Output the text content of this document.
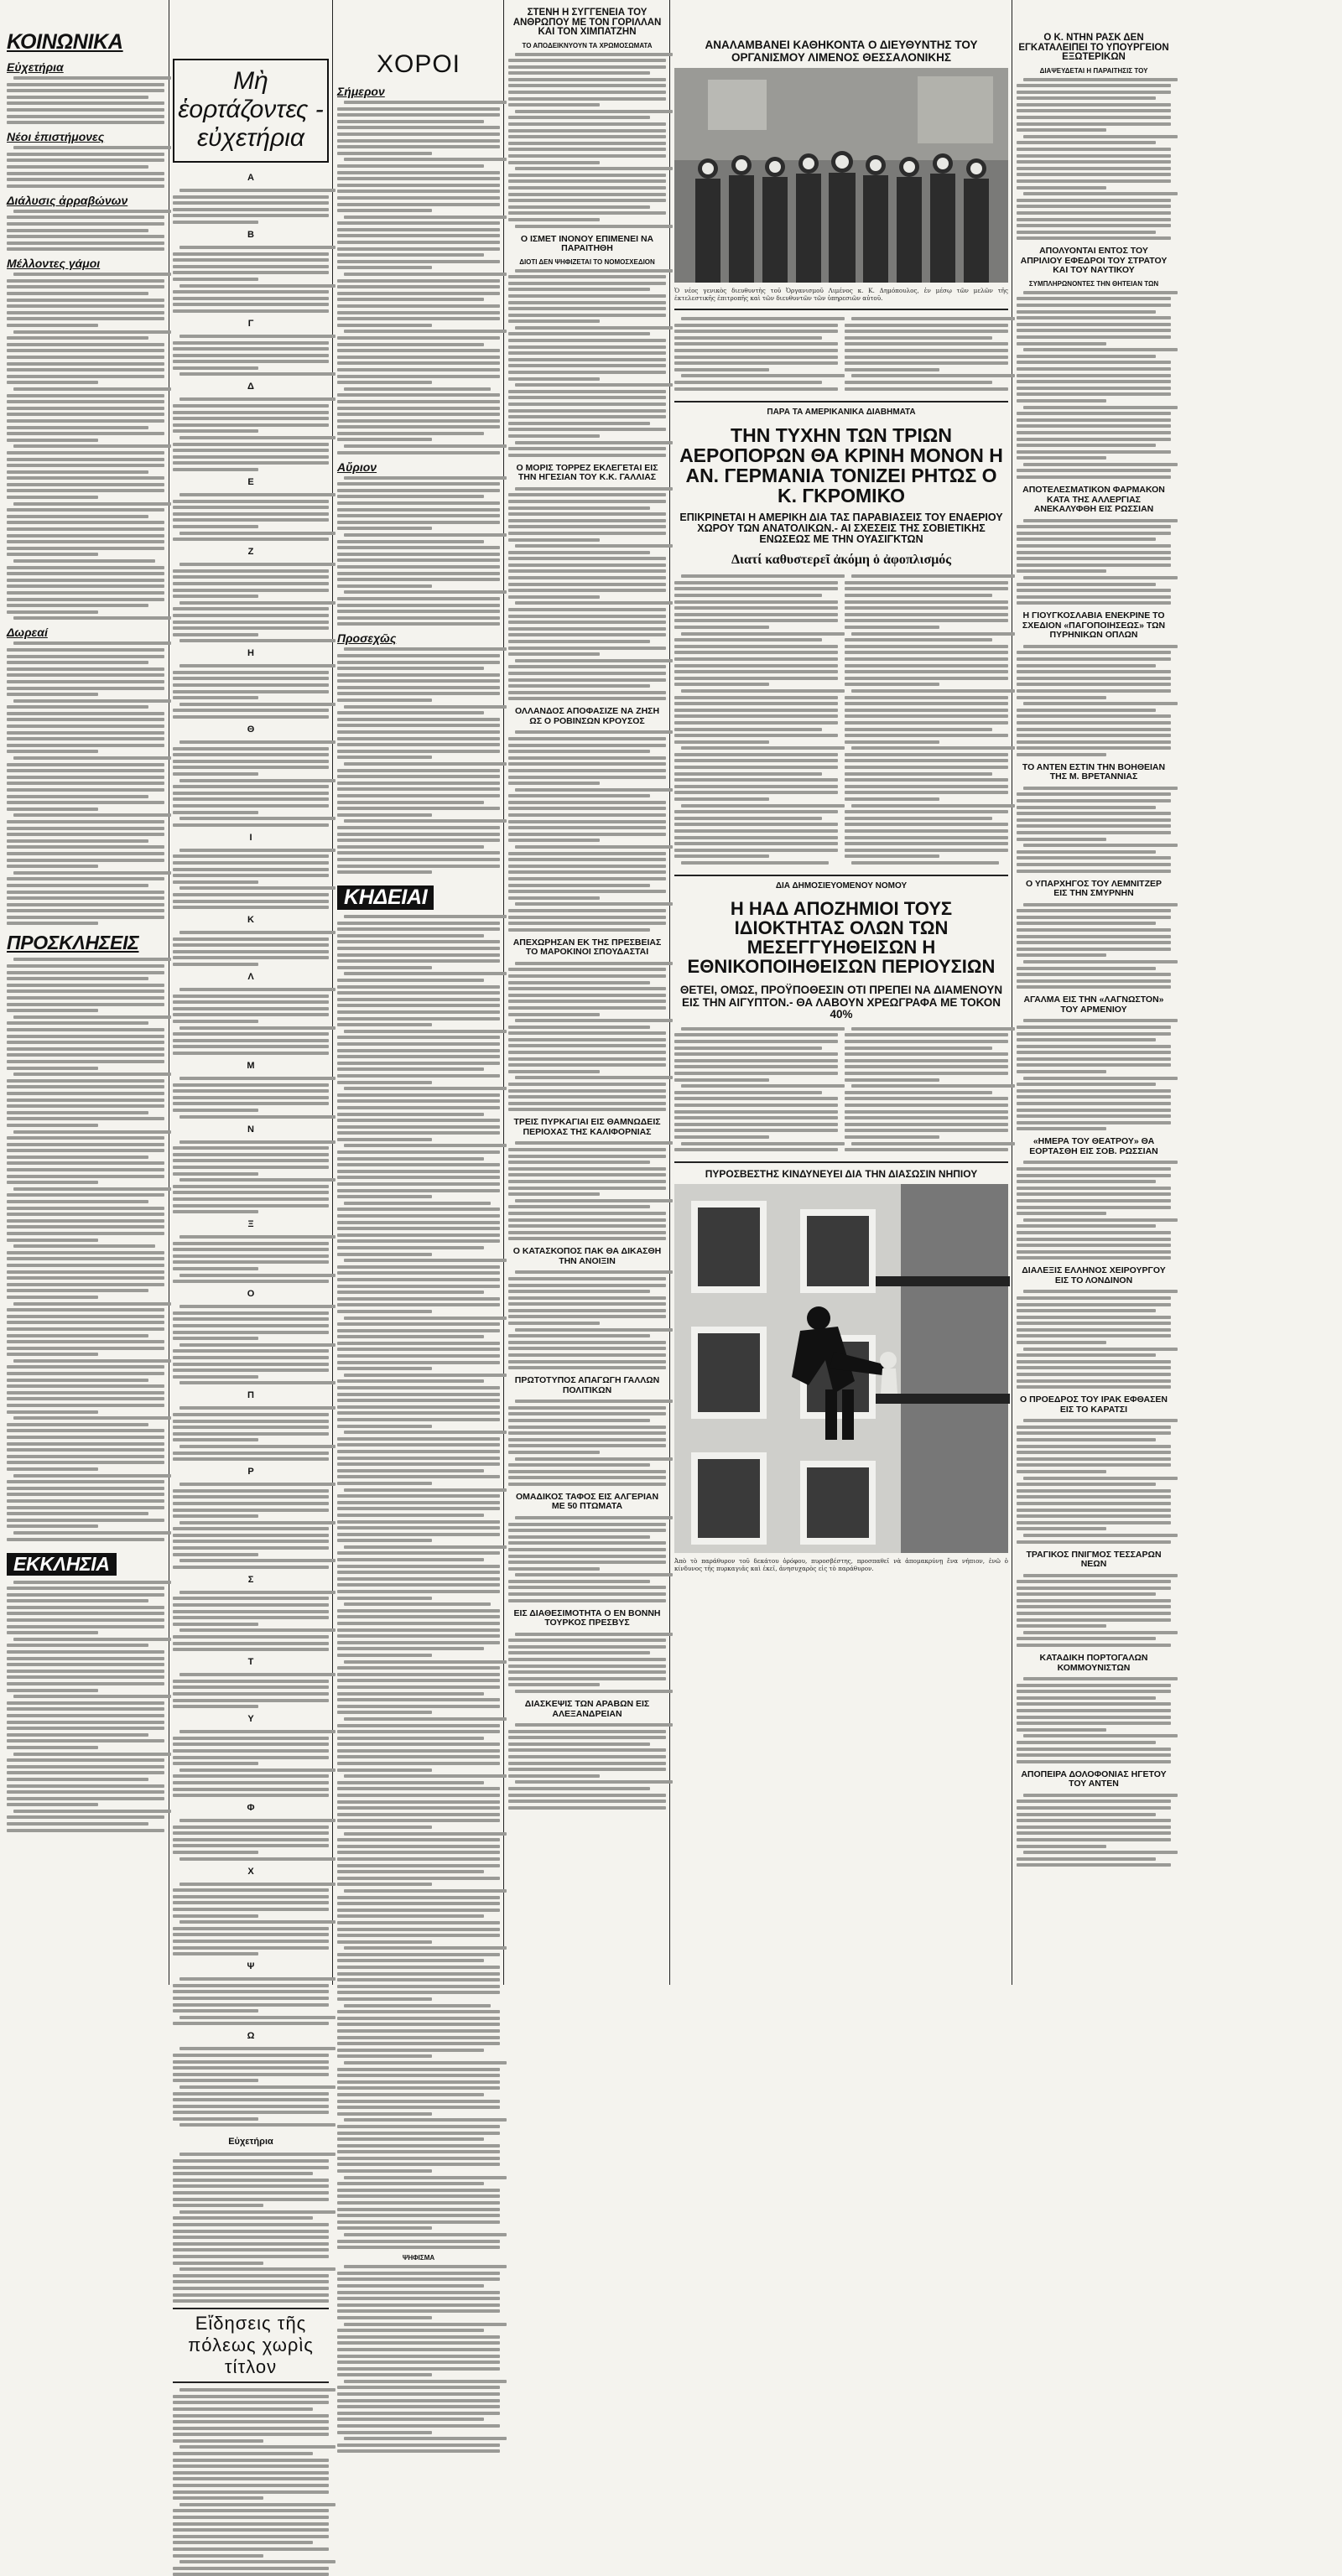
ΚΟΙΝΩΝΙΚΑ
Εὐχετήρια
Νέοι ἐπιστήμονες
Διάλυσις ἀρραβώνων
Μέλλοντες γάμοι
Δωρεαί
ΠΡΟΣΚΛΗΣΕΙΣ
ΕΚΚΛΗΣΙΑ
Μὴ ἑορτάζοντες - εὐχετήρια
Α
Β
Γ
Δ
Ε
Ζ
Η
Θ
Ι
Κ
Λ
Μ
Ν
Ξ
Ο
Π
Ρ
Σ
Τ
Υ
Φ
Χ
Ψ
Ω
Εὐχετήρια
Εἴδησεις τῆς πόλεως χωρὶς τίτλον
ΧΟΡΟΙ
Σήμερον
Αὔριον
Προσεχῶς
ΚΗΔΕΙΑΙ
ΨΗΦΙΣΜΑ
ΣΤΕΝΗ Η ΣΥΓΓΕΝΕΙΑ ΤΟΥ ΑΝΘΡΩΠΟΥ ΜΕ ΤΟΝ ΓΟΡΙΛΛΑΝ ΚΑΙ ΤΟΝ ΧΙΜΠΑΤΖΗΝ
ΤΟ ΑΠΟΔΕΙΚΝΥΟΥΝ ΤΑ ΧΡΩΜΟΣΩΜΑΤΑ
Ο ΙΣΜΕΤ ΙΝΟΝΟΥ ΕΠΙΜΕΝΕΙ ΝΑ ΠΑΡΑΙΤΗΘΗ
ΔΙΟΤΙ ΔΕΝ ΨΗΦΙΖΕΤΑΙ ΤΟ ΝΟΜΟΣΧΕΔΙΟΝ
Ο ΜΟΡΙΣ ΤΟΡΡΕΖ ΕΚΛΕΓΕΤΑΙ ΕΙΣ ΤΗΝ ΗΓΕΣΙΑΝ ΤΟΥ Κ.Κ. ΓΑΛΛΙΑΣ
ΟΛΛΑΝΔΟΣ ΑΠΟΦΑΣΙΖΕ ΝΑ ΖΗΣΗ ΩΣ Ο ΡΟΒΙΝΣΩΝ ΚΡΟΥΣΟΣ
ΑΠΕΧΩΡΗΣΑΝ ΕΚ ΤΗΣ ΠΡΕΣΒΕΙΑΣ ΤΟ ΜΑΡΟΚΙΝΟΙ ΣΠΟΥΔΑΣΤΑΙ
ΤΡΕΙΣ ΠΥΡΚΑΓΙΑΙ ΕΙΣ ΘΑΜΝΩΔΕΙΣ ΠΕΡΙΟΧΑΣ ΤΗΣ ΚΑΛΙΦΟΡΝΙΑΣ
Ο ΚΑΤΑΣΚΟΠΟΣ ΠΑΚ ΘΑ ΔΙΚΑΣΘΗ ΤΗΝ ΑΝΟΙΞΙΝ
ΠΡΩΤΟΤΥΠΟΣ ΑΠΑΓΩΓΗ ΓΑΛΛΩΝ ΠΟΛΙΤΙΚΩΝ
ΟΜΑΔΙΚΟΣ ΤΑΦΟΣ ΕΙΣ ΑΛΓΕΡΙΑΝ ΜΕ 50 ΠΤΩΜΑΤΑ
ΕΙΣ ΔΙΑΘΕΣΙΜΟΤΗΤΑ Ο ΕΝ ΒΟΝΝΗ ΤΟΥΡΚΟΣ ΠΡΕΣΒΥΣ
ΔΙΑΣΚΕΨΙΣ ΤΩΝ ΑΡΑΒΩΝ ΕΙΣ ΑΛΕΞΑΝΔΡΕΙΑΝ
ΑΝΑΛΑΜΒΑΝΕΙ ΚΑΘΗΚΟΝΤΑ Ο ΔΙΕΥΘΥΝΤΗΣ ΤΟΥ ΟΡΓΑΝΙΣΜΟΥ ΛΙΜΕΝΟΣ ΘΕΣΣΑΛΟΝΙΚΗΣ
Ὁ νέος γενικὸς διευθυντὴς τοῦ Ὀργανισμοῦ Λιμένος κ. Κ. Δημόπουλος, ἐν μέσῳ τῶν μελῶν τῆς ἐκτελεστικῆς ἐπιτροπῆς καὶ τῶν διευθυντῶν τῶν ὑπηρεσιῶν αὐτοῦ.
ΠΑΡΑ ΤΑ ΑΜΕΡΙΚΑΝΙΚΑ ΔΙΑΒΗΜΑΤΑ
ΤΗΝ ΤΥΧΗΝ ΤΩΝ ΤΡΙΩΝ ΑΕΡΟΠΟΡΩΝ ΘΑ ΚΡΙΝΗ ΜΟΝΟΝ Η ΑΝ. ΓΕΡΜΑΝΙΑ ΤΟΝΙΖΕΙ ΡΗΤΩΣ Ο Κ. ΓΚΡΟΜΙΚΟ
ΕΠΙΚΡΙΝΕΤΑΙ Η ΑΜΕΡΙΚΗ ΔΙΑ ΤΑΣ ΠΑΡΑΒΙΑΣΕΙΣ ΤΟΥ ΕΝΑΕΡΙΟΥ ΧΩΡΟΥ ΤΩΝ ΑΝΑΤΟΛΙΚΩΝ.- ΑΙ ΣΧΕΣΕΙΣ ΤΗΣ ΣΟΒΙΕΤΙΚΗΣ ΕΝΩΣΕΩΣ ΜΕ ΤΗΝ ΟΥΑΣΙΓΚΤΩΝ
Διατί καθυστερεῖ ἀκόμη ὁ ἀφοπλισμός
ΔΙΑ ΔΗΜΟΣΙΕΥΟΜΕΝΟΥ ΝΟΜΟΥ
Η ΗΑΔ ΑΠΟΖΗΜΙΟΙ ΤΟΥΣ ΙΔΙΟΚΤΗΤΑΣ ΟΛΩΝ ΤΩΝ ΜΕΣΕΓΓΥΗΘΕΙΣΩΝ Η ΕΘΝΙΚΟΠΟΙΗΘΕΙΣΩΝ ΠΕΡΙΟΥΣΙΩΝ
ΘΕΤΕΙ, ΟΜΩΣ, ΠΡΟΫΠΟΘΕΣΙΝ ΟΤΙ ΠΡΕΠΕΙ ΝΑ ΔΙΑΜΕΝΟΥΝ ΕΙΣ ΤΗΝ ΑΙΓΥΠΤΟΝ.- ΘΑ ΛΑΒΟΥΝ ΧΡΕΩΓΡΑΦΑ ΜΕ ΤΟΚΟΝ 40%
ΠΥΡΟΣΒΕΣΤΗΣ ΚΙΝΔΥΝΕΥΕΙ ΔΙΑ ΤΗΝ ΔΙΑΣΩΣΙΝ ΝΗΠΙΟΥ
Ἀπὸ τὸ παράθυρον τοῦ δεκάτου ὀρόφου, πυροσβέστης, προσπαθεῖ νὰ ἀπομακρύνῃ ἕνα νήπιον, ἐνῶ ὁ κίνδυνος τῆς πυρκαγιᾶς καὶ ἐκεῖ, ἀνησυχαρὸς εἰς τὸ παράθυρον.
Ο Κ. ΝΤΗΝ ΡΑΣΚ ΔΕΝ ΕΓΚΑΤΑΛΕΙΠΕΙ ΤΟ ΥΠΟΥΡΓΕΙΟΝ ΕΞΩΤΕΡΙΚΩΝ
ΔΙΑΨΕΥΔΕΤΑΙ Η ΠΑΡΑΙΤΗΣΙΣ ΤΟΥ
ΑΠΟΛΥΟΝΤΑΙ ΕΝΤΟΣ ΤΟΥ ΑΠΡΙΛΙΟΥ ΕΦΕΔΡΟΙ ΤΟΥ ΣΤΡΑΤΟΥ ΚΑΙ ΤΟΥ ΝΑΥΤΙΚΟΥ
ΣΥΜΠΛΗΡΩΝΟΝΤΕΣ ΤΗΝ ΘΗΤΕΙΑΝ ΤΩΝ
ΑΠΟΤΕΛΕΣΜΑΤΙΚΟΝ ΦΑΡΜΑΚΟΝ ΚΑΤΑ ΤΗΣ ΑΛΛΕΡΓΙΑΣ ΑΝΕΚΑΛΥΦΘΗ ΕΙΣ ΡΩΣΣΙΑΝ
Η ΓΙΟΥΓΚΟΣΛΑΒΙΑ ΕΝΕΚΡΙΝΕ ΤΟ ΣΧΕΔΙΟΝ «ΠΑΓΟΠΟΙΗΣΕΩΣ» ΤΩΝ ΠΥΡΗΝΙΚΩΝ ΟΠΛΩΝ
ΤΟ ΑΝΤΕΝ ΕΣΤΙΝ ΤΗΝ ΒΟΗΘΕΙΑΝ ΤΗΣ Μ. ΒΡΕΤΑΝΝΙΑΣ
Ο ΥΠΑΡΧΗΓΟΣ ΤΟΥ ΛΕΜΝΙΤΖΕΡ ΕΙΣ ΤΗΝ ΣΜΥΡΝΗΝ
ΑΓΑΛΜΑ ΕΙΣ ΤΗΝ «ΛΑΓΝΩΣΤΟΝ» ΤΟΥ ΑΡΜΕΝΙΟΥ
«ΗΜΕΡΑ ΤΟΥ ΘΕΑΤΡΟΥ» ΘΑ ΕΟΡΤΑΣΘΗ ΕΙΣ ΣΟΒ. ΡΩΣΣΙΑΝ
ΔΙΑΛΕΞΙΣ ΕΛΛΗΝΟΣ ΧΕΙΡΟΥΡΓΟΥ ΕΙΣ ΤΟ ΛΟΝΔΙΝΟΝ
Ο ΠΡΟΕΔΡΟΣ ΤΟΥ ΙΡΑΚ ΕΦΘΑΣΕΝ ΕΙΣ ΤΟ ΚΑΡΑΤΣΙ
ΤΡΑΓΙΚΟΣ ΠΝΙΓΜΟΣ ΤΕΣΣΑΡΩΝ ΝΕΩΝ
ΚΑΤΑΔΙΚΗ ΠΟΡΤΟΓΑΛΩΝ ΚΟΜΜΟΥΝΙΣΤΩΝ
ΑΠΟΠΕΙΡΑ ΔΟΛΟΦΟΝΙΑΣ ΗΓΕΤΟΥ ΤΟΥ ΑΝΤΕΝ
